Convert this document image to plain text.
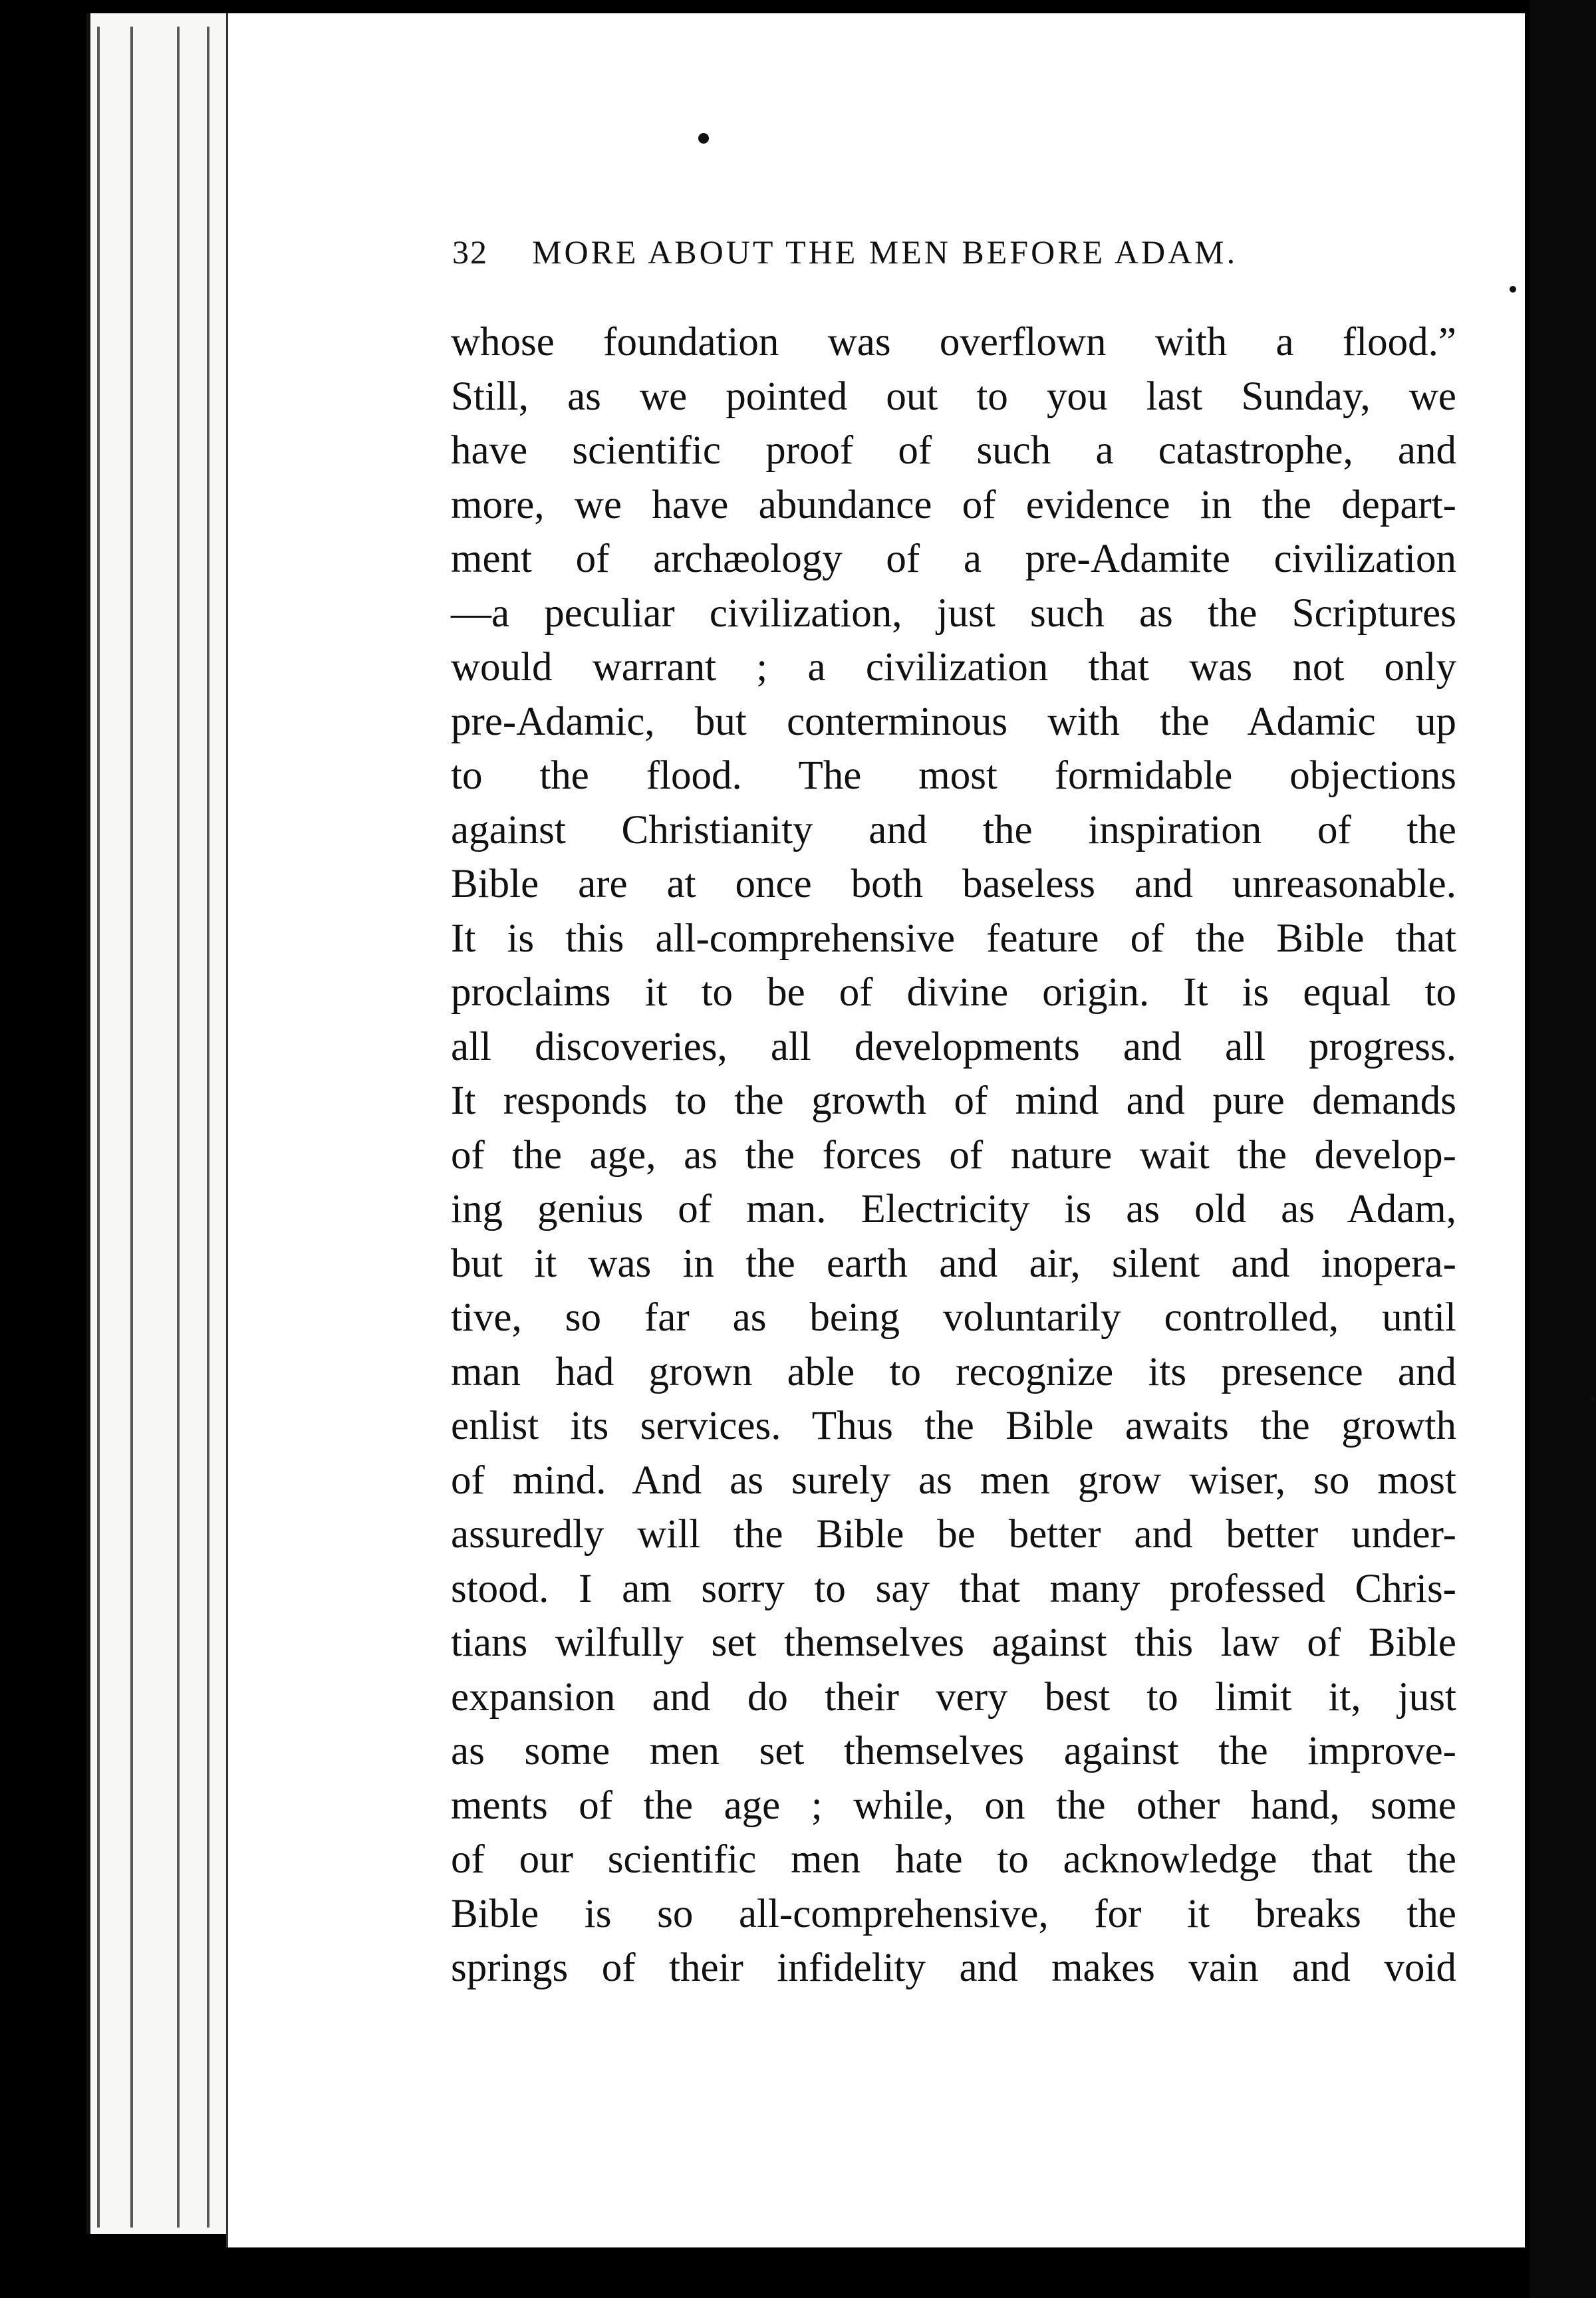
32 MORE ABOUT THE MEN BEFORE ADAM.
whose foundation was overflown with a flood.”
Still, as we pointed out to you last Sunday, we
have scientific proof of such a catastrophe, and
more, we have abundance of evidence in the depart-
ment of archæology of a pre-Adamite civilization
—a peculiar civilization, just such as the Scriptures
would warrant ; a civilization that was not only
pre-Adamic, but conterminous with the Adamic up
to the flood. The most formidable objections
against Christianity and the inspiration of the
Bible are at once both baseless and unreasonable.
It is this all-comprehensive feature of the Bible that
proclaims it to be of divine origin. It is equal to
all discoveries, all developments and all progress.
It responds to the growth of mind and pure demands
of the age, as the forces of nature wait the develop-
ing genius of man. Electricity is as old as Adam,
but it was in the earth and air, silent and inopera-
tive, so far as being voluntarily controlled, until
man had grown able to recognize its presence and
enlist its services. Thus the Bible awaits the growth
of mind. And as surely as men grow wiser, so most
assuredly will the Bible be better and better under-
stood. I am sorry to say that many professed Chris-
tians wilfully set themselves against this law of Bible
expansion and do their very best to limit it, just
as some men set themselves against the improve-
ments of the age ; while, on the other hand, some
of our scientific men hate to acknowledge that the
Bible is so all-comprehensive, for it breaks the
springs of their infidelity and makes vain and void
